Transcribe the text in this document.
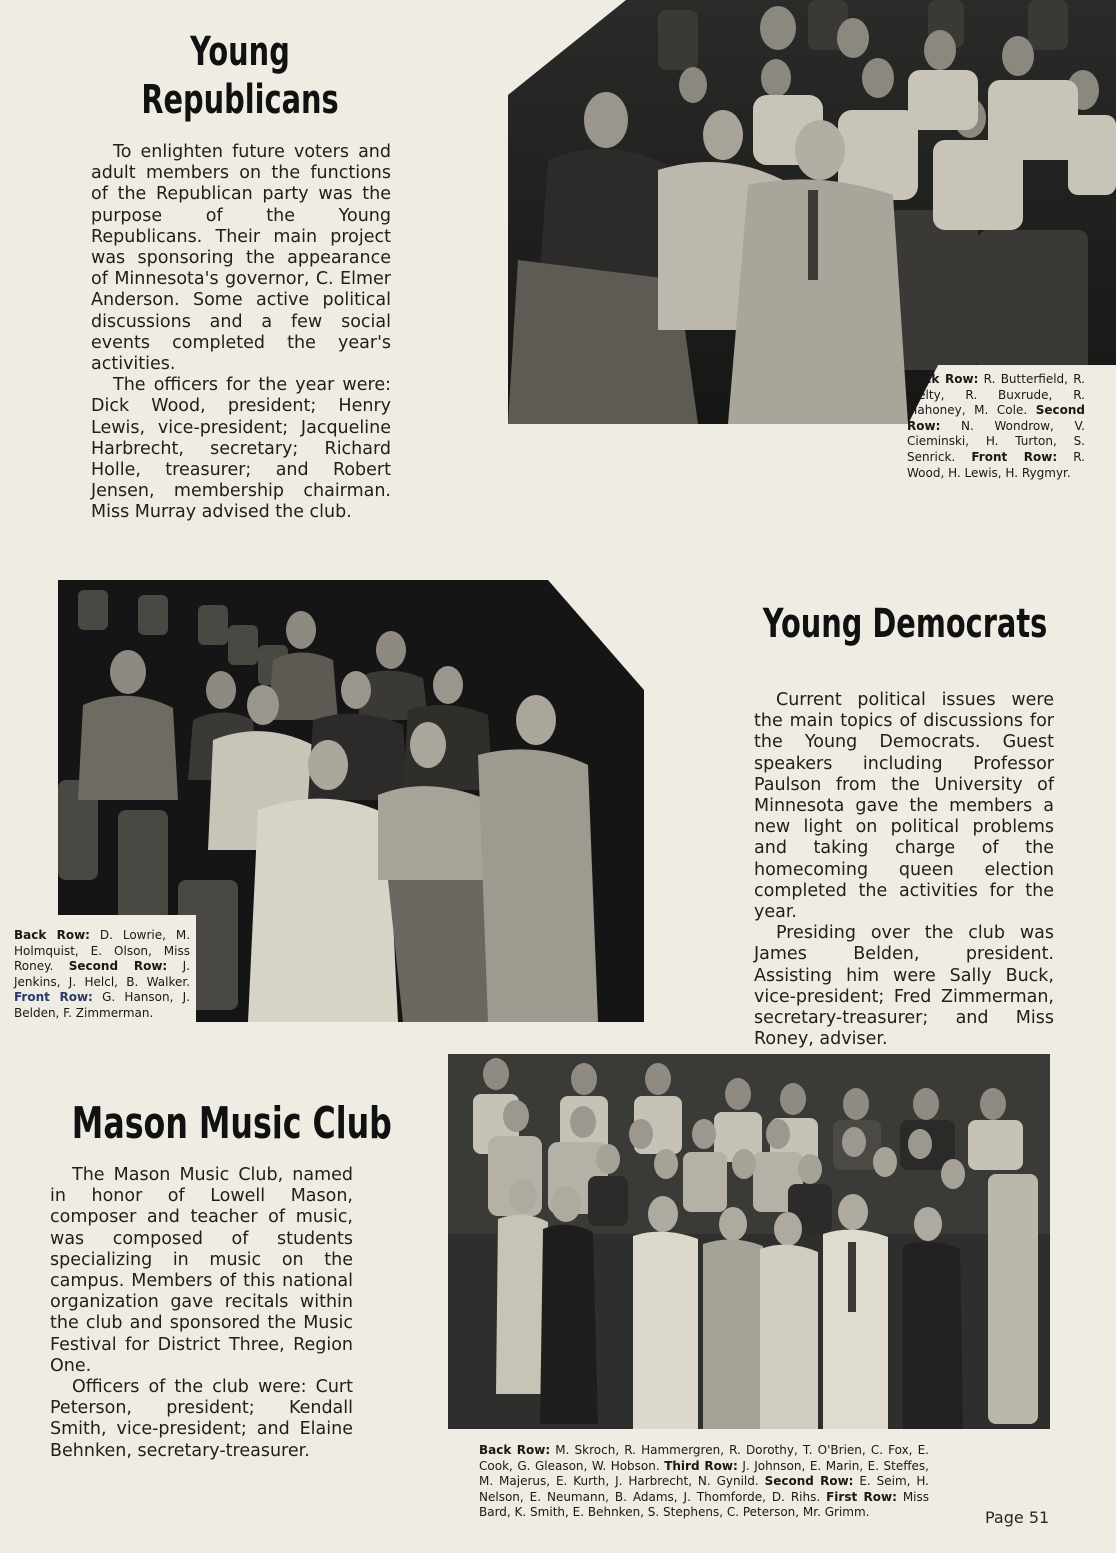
Young
Republicans

To enlighten future voters and adult members on the functions of the Republican party was the purpose of the Young Republicans. Their main project was sponsoring the appearance of Minnesota's governor, C. Elmer Anderson. Some active political discussions and a few social events completed the year's activities.

The officers for the year were: Dick Wood, president; Henry Lewis, vice-president; Jacqueline Harbrecht, secretary; Richard Holle, treasurer; and Robert Jensen, membership chairman. Miss Murray advised the club.

Back Row: R. Butterfield, R. Welty, R. Buxrude, R. Mahoney, M. Cole. Second Row: N. Wondrow, V. Cieminski, H. Turton, S. Senrick. Front Row: R. Wood, H. Lewis, H. Rygmyr.
Back Row: D. Lowrie, M. Holmquist, E. Olson, Miss Roney. Second Row: J. Jenkins, J. Helcl, B. Walker. Front Row: G. Hanson, J. Belden, F. Zimmerman.
Young Democrats

Current political issues were the main topics of discussions for the Young Democrats. Guest speakers including Professor Paulson from the University of Minnesota gave the members a new light on political problems and taking charge of the homecoming queen election completed the activities for the year.

Presiding over the club was James Belden, president. Assisting him were Sally Buck, vice-president; Fred Zimmerman, secretary-treasurer; and Miss Roney, adviser.

Mason Music Club

The Mason Music Club, named in honor of Lowell Mason, composer and teacher of music, was composed of students specializing in music on the campus. Members of this national organization gave recitals within the club and sponsored the Music Festival for District Three, Region One.

Officers of the club were: Curt Peterson, president; Kendall Smith, vice-president; and Elaine Behnken, secretary-treasurer.	Back Row: M. Skroch, R. Hammergren, R. Dorothy, T. O'Brien, C. Fox, E. Cook, G. Gleason, W. Hobson. Third Row: J. Johnson, E. Marin, E. Steffes, M. Majerus, E. Kurth, J. Harbrecht, N. Gynild. Second Row: E. Seim, H. Nelson, E. Neumann, B. Adams, J. Thomforde, D. Rihs. First Row: Miss Bard, K. Smith, E. Behnken, S. Stephens, C. Peterson, Mr. Grimm.	Page 51
